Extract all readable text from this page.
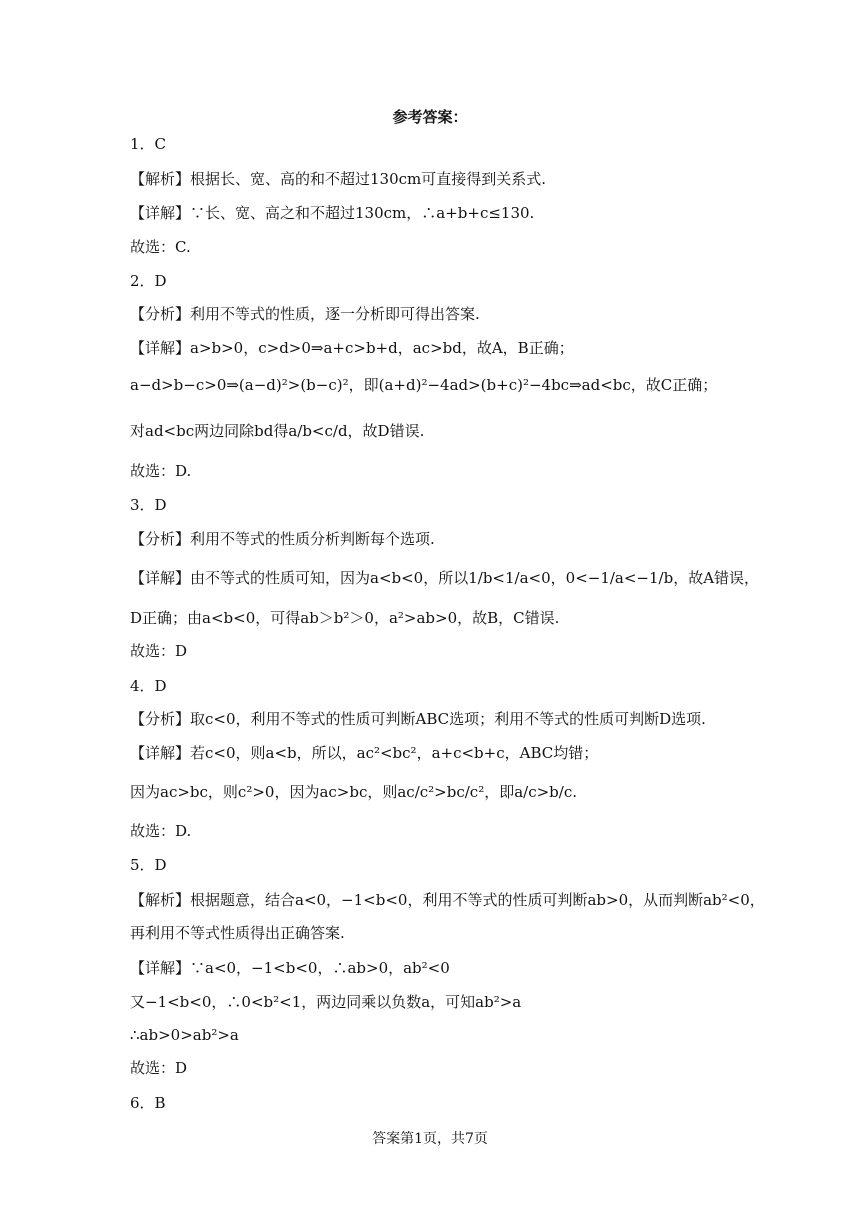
参考答案：
1．C
【解析】根据长、宽、高的和不超过130cm可直接得到关系式.
【详解】∵长、宽、高之和不超过130cm，∴a+b+c≤130.
故选：C.
2．D
【分析】利用不等式的性质，逐一分析即可得出答案.
【详解】a>b>0，c>d>0⇒a+c>b+d，ac>bd，故A，B正确；
a−d>b−c>0⇒(a−d)²>(b−c)²，即(a+d)²−4ad>(b+c)²−4bc⇒ad<bc，故C正确；
对ad<bc两边同除bd得a/b<c/d，故D错误.
故选：D.
3．D
【分析】利用不等式的性质分析判断每个选项.
【详解】由不等式的性质可知，因为a<b<0，所以1/b<1/a<0，0<−1/a<−1/b，故A错误，
D正确；由a<b<0，可得ab＞b²＞0，a²>ab>0，故B，C错误.
故选：D
4．D
【分析】取c<0，利用不等式的性质可判断ABC选项；利用不等式的性质可判断D选项.
【详解】若c<0，则a<b，所以，ac²<bc²，a+c<b+c，ABC均错；
因为ac>bc，则c²>0，因为ac>bc，则ac/c²>bc/c²，即a/c>b/c.
故选：D.
5．D
【解析】根据题意，结合a<0，−1<b<0，利用不等式的性质可判断ab>0，从而判断ab²<0，
再利用不等式性质得出正确答案.
【详解】∵a<0，−1<b<0，∴ab>0，ab²<0
又−1<b<0，∴0<b²<1，两边同乘以负数a，可知ab²>a
∴ab>0>ab²>a
故选：D
6．B
答案第1页，共7页
